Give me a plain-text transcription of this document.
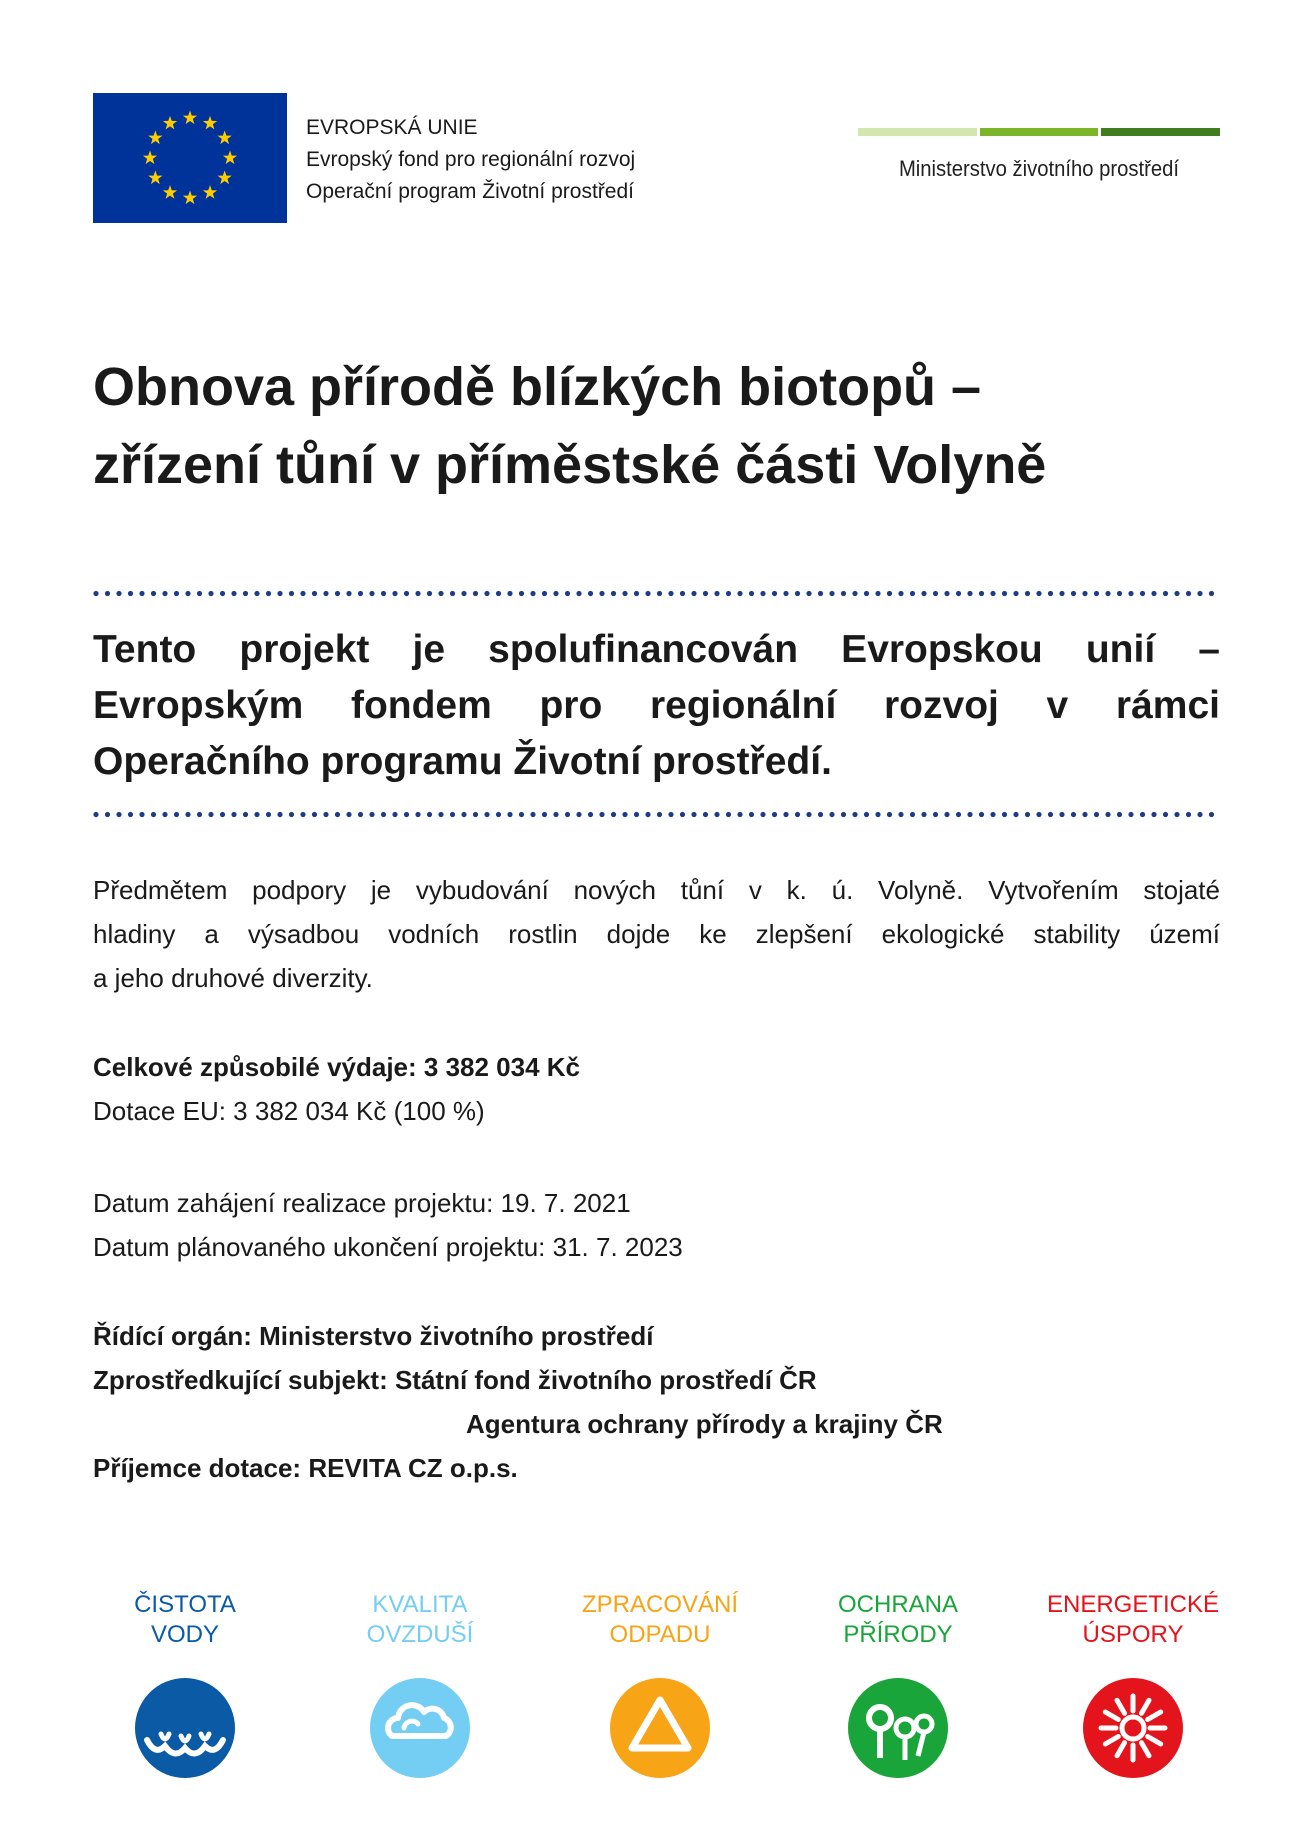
EVROPSKÁ UNIE
Evropský fond pro regionální rozvoj
Operační program Životní prostředí
Ministerstvo životního prostředí
Obnova přírodě blízkých biotopů –
zřízení tůní v příměstské části Volyně
Tento projekt je spolufinancován Evropskou unií –
Evropským fondem pro regionální rozvoj v rámci
Operačního programu Životní prostředí.
Předmětem podpory je vybudování nových tůní v k. ú. Volyně. Vytvořením stojaté
hladiny a výsadbou vodních rostlin dojde ke zlepšení ekologické stability území
a jeho druhové diverzity.
Celkové způsobilé výdaje: 3 382 034 Kč
Dotace EU: 3 382 034 Kč (100 %)
Datum zahájení realizace projektu: 19. 7. 2021
Datum plánovaného ukončení projektu: 31. 7. 2023
Řídící orgán: Ministerstvo životního prostředí
Zprostředkující subjekt: Státní fond životního prostředí ČR
Agentura ochrany přírody a krajiny ČR
Příjemce dotace: REVITA CZ o.p.s.
ČISTOTA
VODY
KVALITA
OVZDUŠÍ
ZPRACOVÁNÍ
ODPADU
OCHRANA
PŘÍRODY
ENERGETICKÉ
ÚSPORY
